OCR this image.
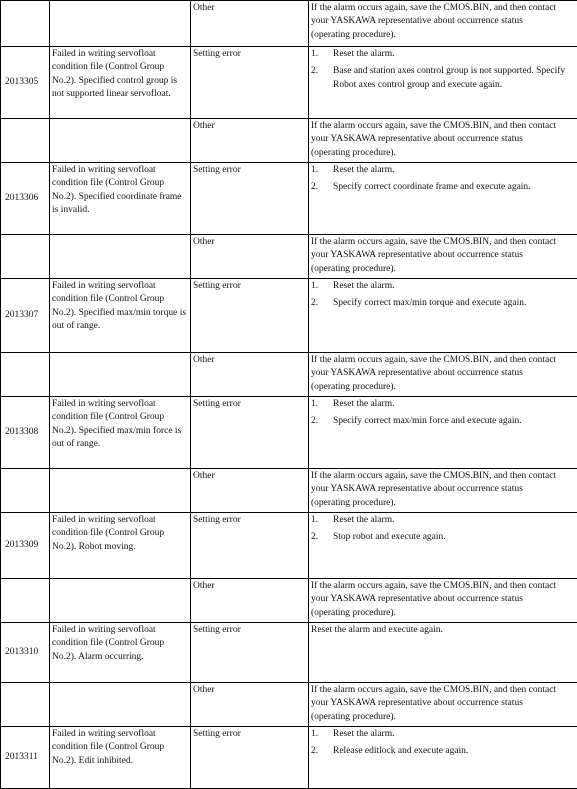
		Other	If the alarm occurs again, save the CMOS.BIN, and then contact your YASKAWA representative about occurrence status (operating procedure).
2013305	Failed in writing servofloat condition file (Control Group No.2). Specified control group is not supported linear servofloat.	Setting error	1. Reset the alarm.
2. Base and station axes control group is not supported. Specify Robot axes control group and execute again.

		Other	If the alarm occurs again, save the CMOS.BIN, and then contact your YASKAWA representative about occurrence status (operating procedure).
2013306	Failed in writing servofloat condition file (Control Group No.2). Specified coordinate frame is invalid.	Setting error	1. Reset the alarm.
2. Specify correct coordinate frame and execute again.

		Other	If the alarm occurs again, save the CMOS.BIN, and then contact your YASKAWA representative about occurrence status (operating procedure).
2013307	Failed in writing servofloat condition file (Control Group No.2). Specified max/min torque is out of range.	Setting error	1. Reset the alarm.
2. Specify correct max/min torque and execute again.

		Other	If the alarm occurs again, save the CMOS.BIN, and then contact your YASKAWA representative about occurrence status (operating procedure).
2013308	Failed in writing servofloat condition file (Control Group No.2). Specified max/min force is out of range.	Setting error	1. Reset the alarm.
2. Specify correct max/min force and execute again.

		Other	If the alarm occurs again, save the CMOS.BIN, and then contact your YASKAWA representative about occurrence status (operating procedure).
2013309	Failed in writing servofloat condition file (Control Group No.2). Robot moving.	Setting error	1. Reset the alarm.
2. Stop robot and execute again.

		Other	If the alarm occurs again, save the CMOS.BIN, and then contact your YASKAWA representative about occurrence status (operating procedure).
2013310	Failed in writing servofloat condition file (Control Group No.2). Alarm occurring.	Setting error	Reset the alarm and execute again.
		Other	If the alarm occurs again, save the CMOS.BIN, and then contact your YASKAWA representative about occurrence status (operating procedure).
2013311	Failed in writing servofloat condition file (Control Group No.2). Edit inhibited.	Setting error	1. Reset the alarm.
2. Release editlock and execute again.
